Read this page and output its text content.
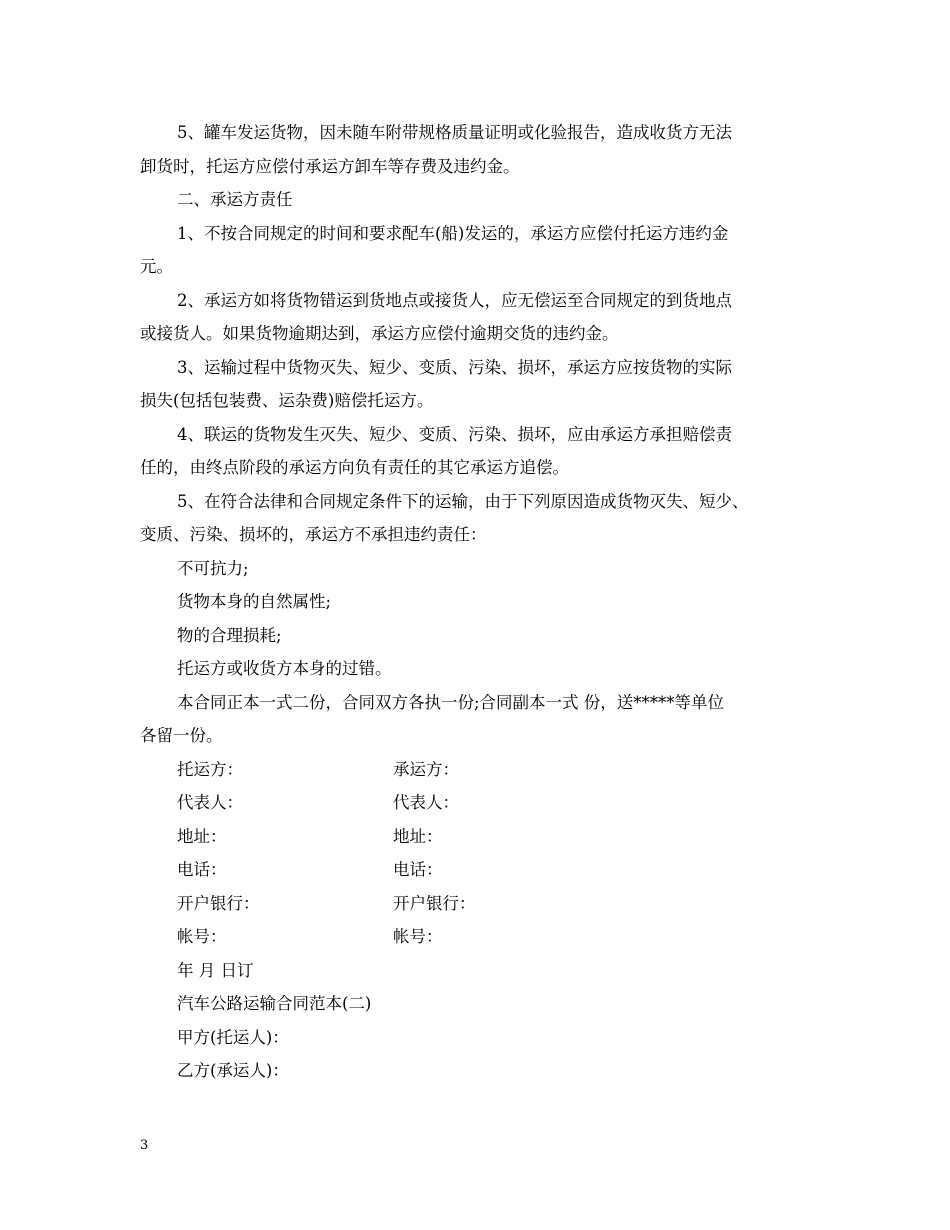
5、罐车发运货物，因未随车附带规格质量证明或化验报告，造成收货方无法
卸货时，托运方应偿付承运方卸车等存费及违约金。
二、承运方责任
1、不按合同规定的时间和要求配车(船)发运的，承运方应偿付托运方违约金
元。
2、承运方如将货物错运到货地点或接货人，应无偿运至合同规定的到货地点
或接货人。如果货物逾期达到，承运方应偿付逾期交货的违约金。
3、运输过程中货物灭失、短少、变质、污染、损坏，承运方应按货物的实际
损失(包括包装费、运杂费)赔偿托运方。
4、联运的货物发生灭失、短少、变质、污染、损坏，应由承运方承担赔偿责
任的，由终点阶段的承运方向负有责任的其它承运方追偿。
5、在符合法律和合同规定条件下的运输，由于下列原因造成货物灭失、短少、
变质、污染、损坏的，承运方不承担违约责任：
不可抗力;
货物本身的自然属性;
物的合理损耗;
托运方或收货方本身的过错。
本合同正本一式二份，合同双方各执一份;合同副本一式 份，送*****等单位
各留一份。
托运方：	承运方：
代表人：	代表人：
地址：	地址：
电话：	电话：
开户银行：	开户银行：
帐号：	帐号：
年 月 日订
汽车公路运输合同范本(二)
甲方(托运人)：
乙方(承运人)：
3
